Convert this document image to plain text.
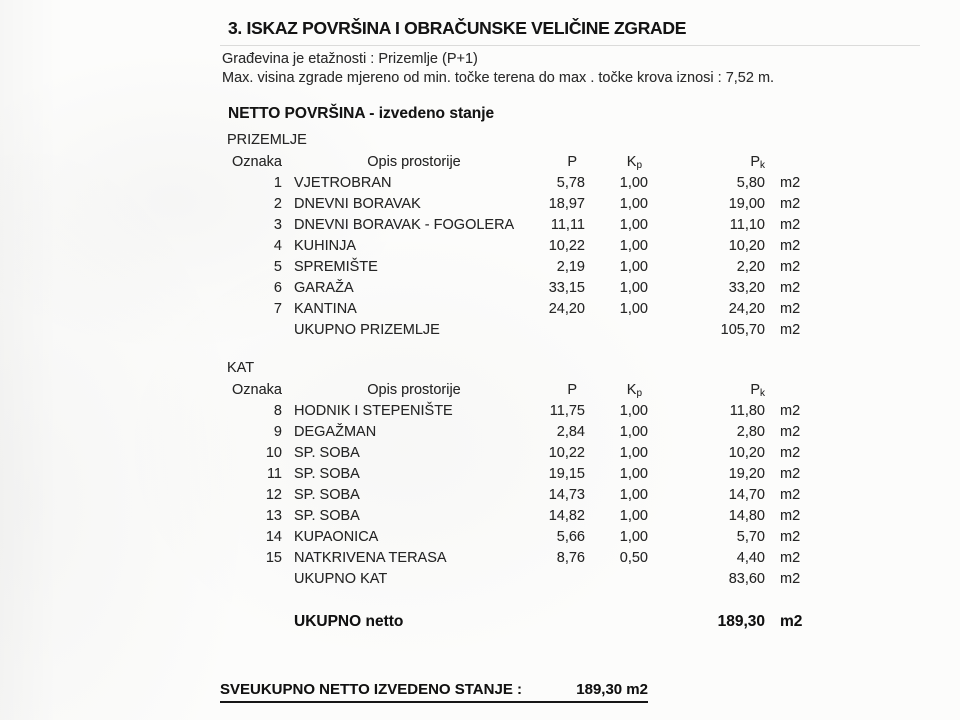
3. ISKAZ POVRŠINA I OBRAČUNSKE VELIČINE ZGRADE
Građevina je etažnosti : Prizemlje (P+1)
Max. visina zgrade mjereno od min. točke terena do max . točke krova iznosi : 7,52 m.
NETTO POVRŠINA - izvedeno stanje
PRIZEMLJE
Oznaka	Opis prostorije	P	$K_p$	$P_k$
1 VJETROBRAN	5,78	1,00	5,80 m2
2 DNEVNI BORAVAK	18,97	1,00	19,00 m2
3 DNEVNI BORAVAK - FOGOLERA	11,11	1,00	11,10 m2
4 KUHINJA	10,22	1,00	10,20 m2
5 SPREMIŠTE	2,19	1,00	2,20 m2
6 GARAŽA	33,15	1,00	33,20 m2
7 KANTINA	24,20	1,00	24,20 m2
UKUPNO PRIZEMLJE	105,70 m2
KAT
Oznaka	Opis prostorije	P	$K_p$	$P_k$
8 HODNIK I STEPENIŠTE	11,75	1,00	11,80 m2
9 DEGAŽMAN	2,84	1,00	2,80 m2
10 SP. SOBA	10,22	1,00	10,20 m2
11 SP. SOBA	19,15	1,00	19,20 m2
12 SP. SOBA	14,73	1,00	14,70 m2
13 SP. SOBA	14,82	1,00	14,80 m2
14 KUPAONICA	5,66	1,00	5,70 m2
15 NATKRIVENA TERASA	8,76	0,50	4,40 m2
UKUPNO KAT	83,60 m2
UKUPNO netto	189,30 m2
SVEUKUPNO NETTO IZVEDENO STANJE :	189,30 m2
